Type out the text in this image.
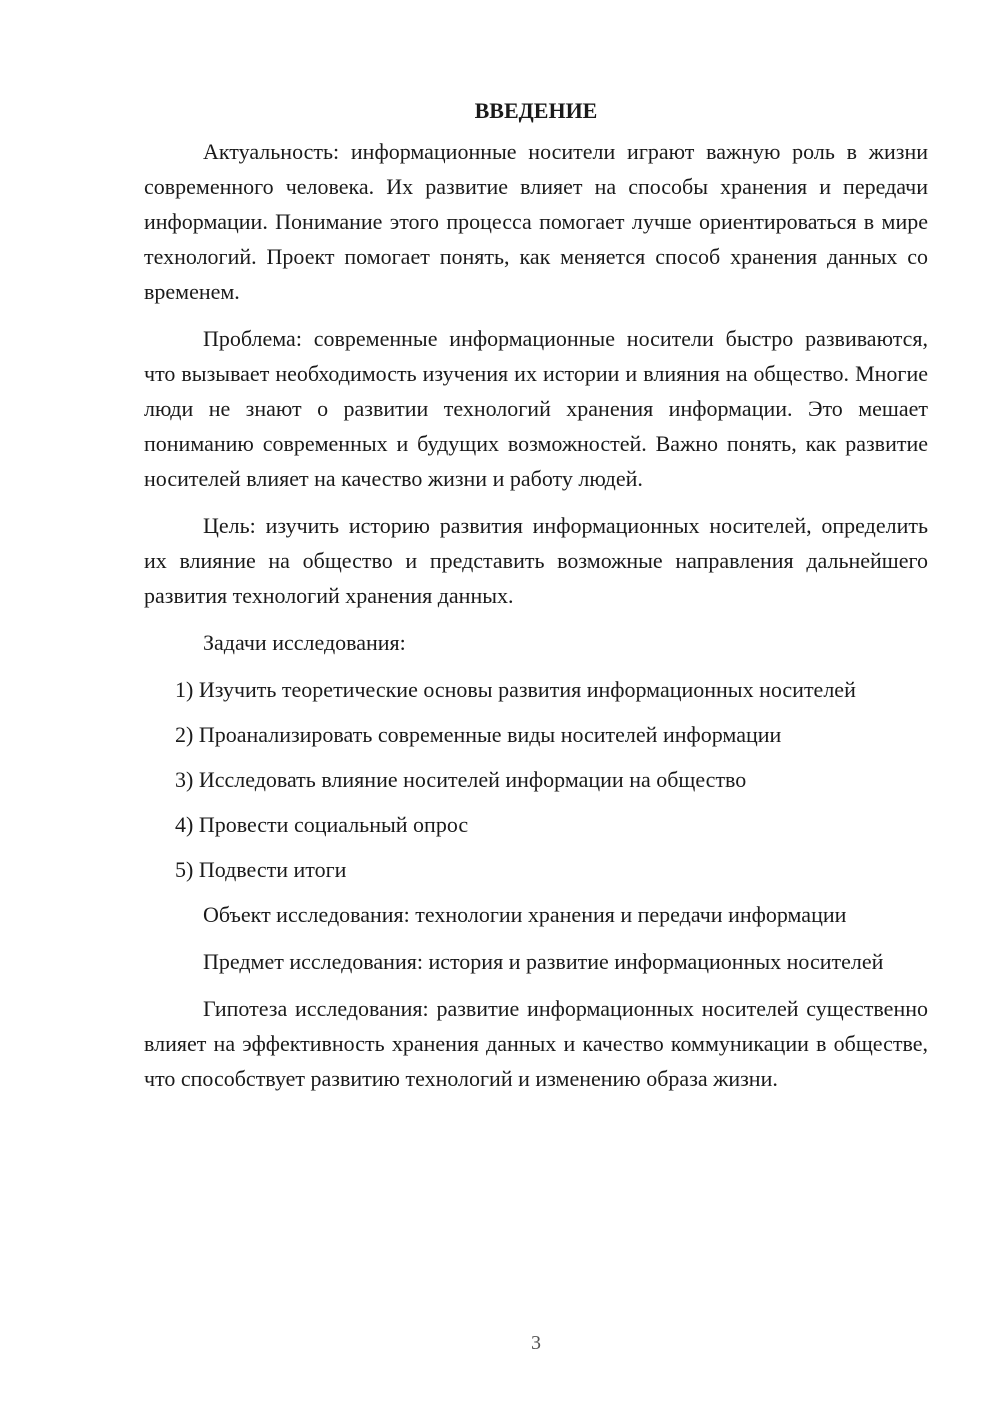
ВВЕДЕНИЕ

Актуальность: информационные носители играют важную роль в жизни современного человека. Их развитие влияет на способы хранения и передачи информации. Понимание этого процесса помогает лучше ориентироваться в мире технологий. Проект помогает понять, как меняется способ хранения данных со временем.

Проблема: современные информационные носители быстро развиваются, что вызывает необходимость изучения их истории и влияния на общество. Многие люди не знают о развитии технологий хранения информации. Это мешает пониманию современных и будущих возможностей. Важно понять, как развитие носителей влияет на качество жизни и работу людей.

Цель: изучить историю развития информационных носителей, определить их влияние на общество и представить возможные направления дальнейшего развития технологий хранения данных.

Задачи исследования:

1) Изучить теоретические основы развития информационных носителей

2) Проанализировать современные виды носителей информации

3) Исследовать влияние носителей информации на общество

4) Провести социальный опрос

5) Подвести итоги

Объект исследования: технологии хранения и передачи информации

Предмет исследования: история и развитие информационных носителей

Гипотеза исследования: развитие информационных носителей существенно влияет на эффективность хранения данных и качество коммуникации в обществе, что способствует развитию технологий и изменению образа жизни.

3
